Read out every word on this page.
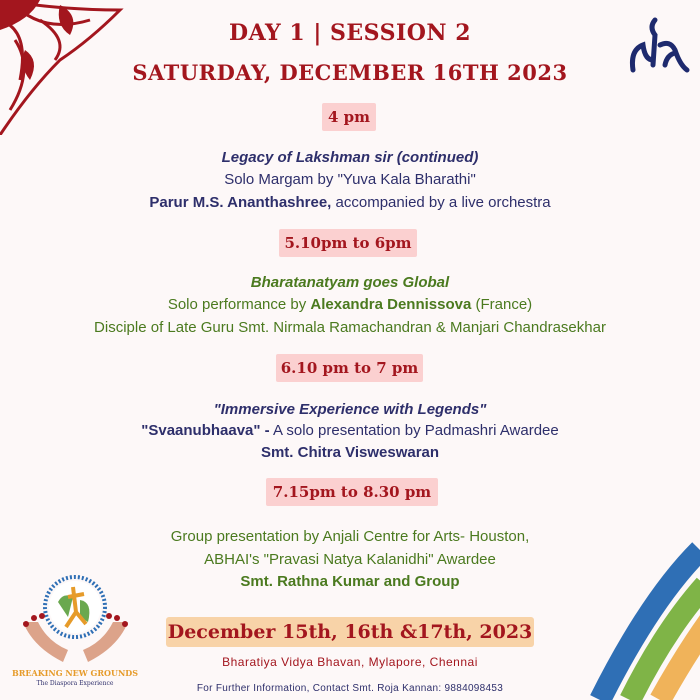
DAY 1 | SESSION 2
SATURDAY, DECEMBER 16TH 2023
4 pm
Legacy of Lakshman sir (continued)
Solo Margam by "Yuva Kala Bharathi"
Parur M.S. Ananthashree, accompanied by a live orchestra
5.10pm to 6pm
Bharatanatyam goes Global
Solo performance by Alexandra Dennissova (France)
Disciple of Late Guru Smt. Nirmala Ramachandran & Manjari Chandrasekhar
6.10 pm to 7 pm
"Immersive Experience with Legends"
"Svaanubhaava" - A solo presentation by Padmashri Awardee
Smt. Chitra Visweswaran
7.15pm to 8.30 pm
Group presentation by Anjali Centre for Arts- Houston,
ABHAI's "Pravasi Natya Kalanidhi" Awardee
Smt. Rathna Kumar and Group
December 15th, 16th &17th, 2023
Bharatiya Vidya Bhavan, Mylapore, Chennai
For Further Information, Contact Smt. Roja Kannan: 9884098453
BREAKING NEW GROUNDS
The Diaspora Experience
